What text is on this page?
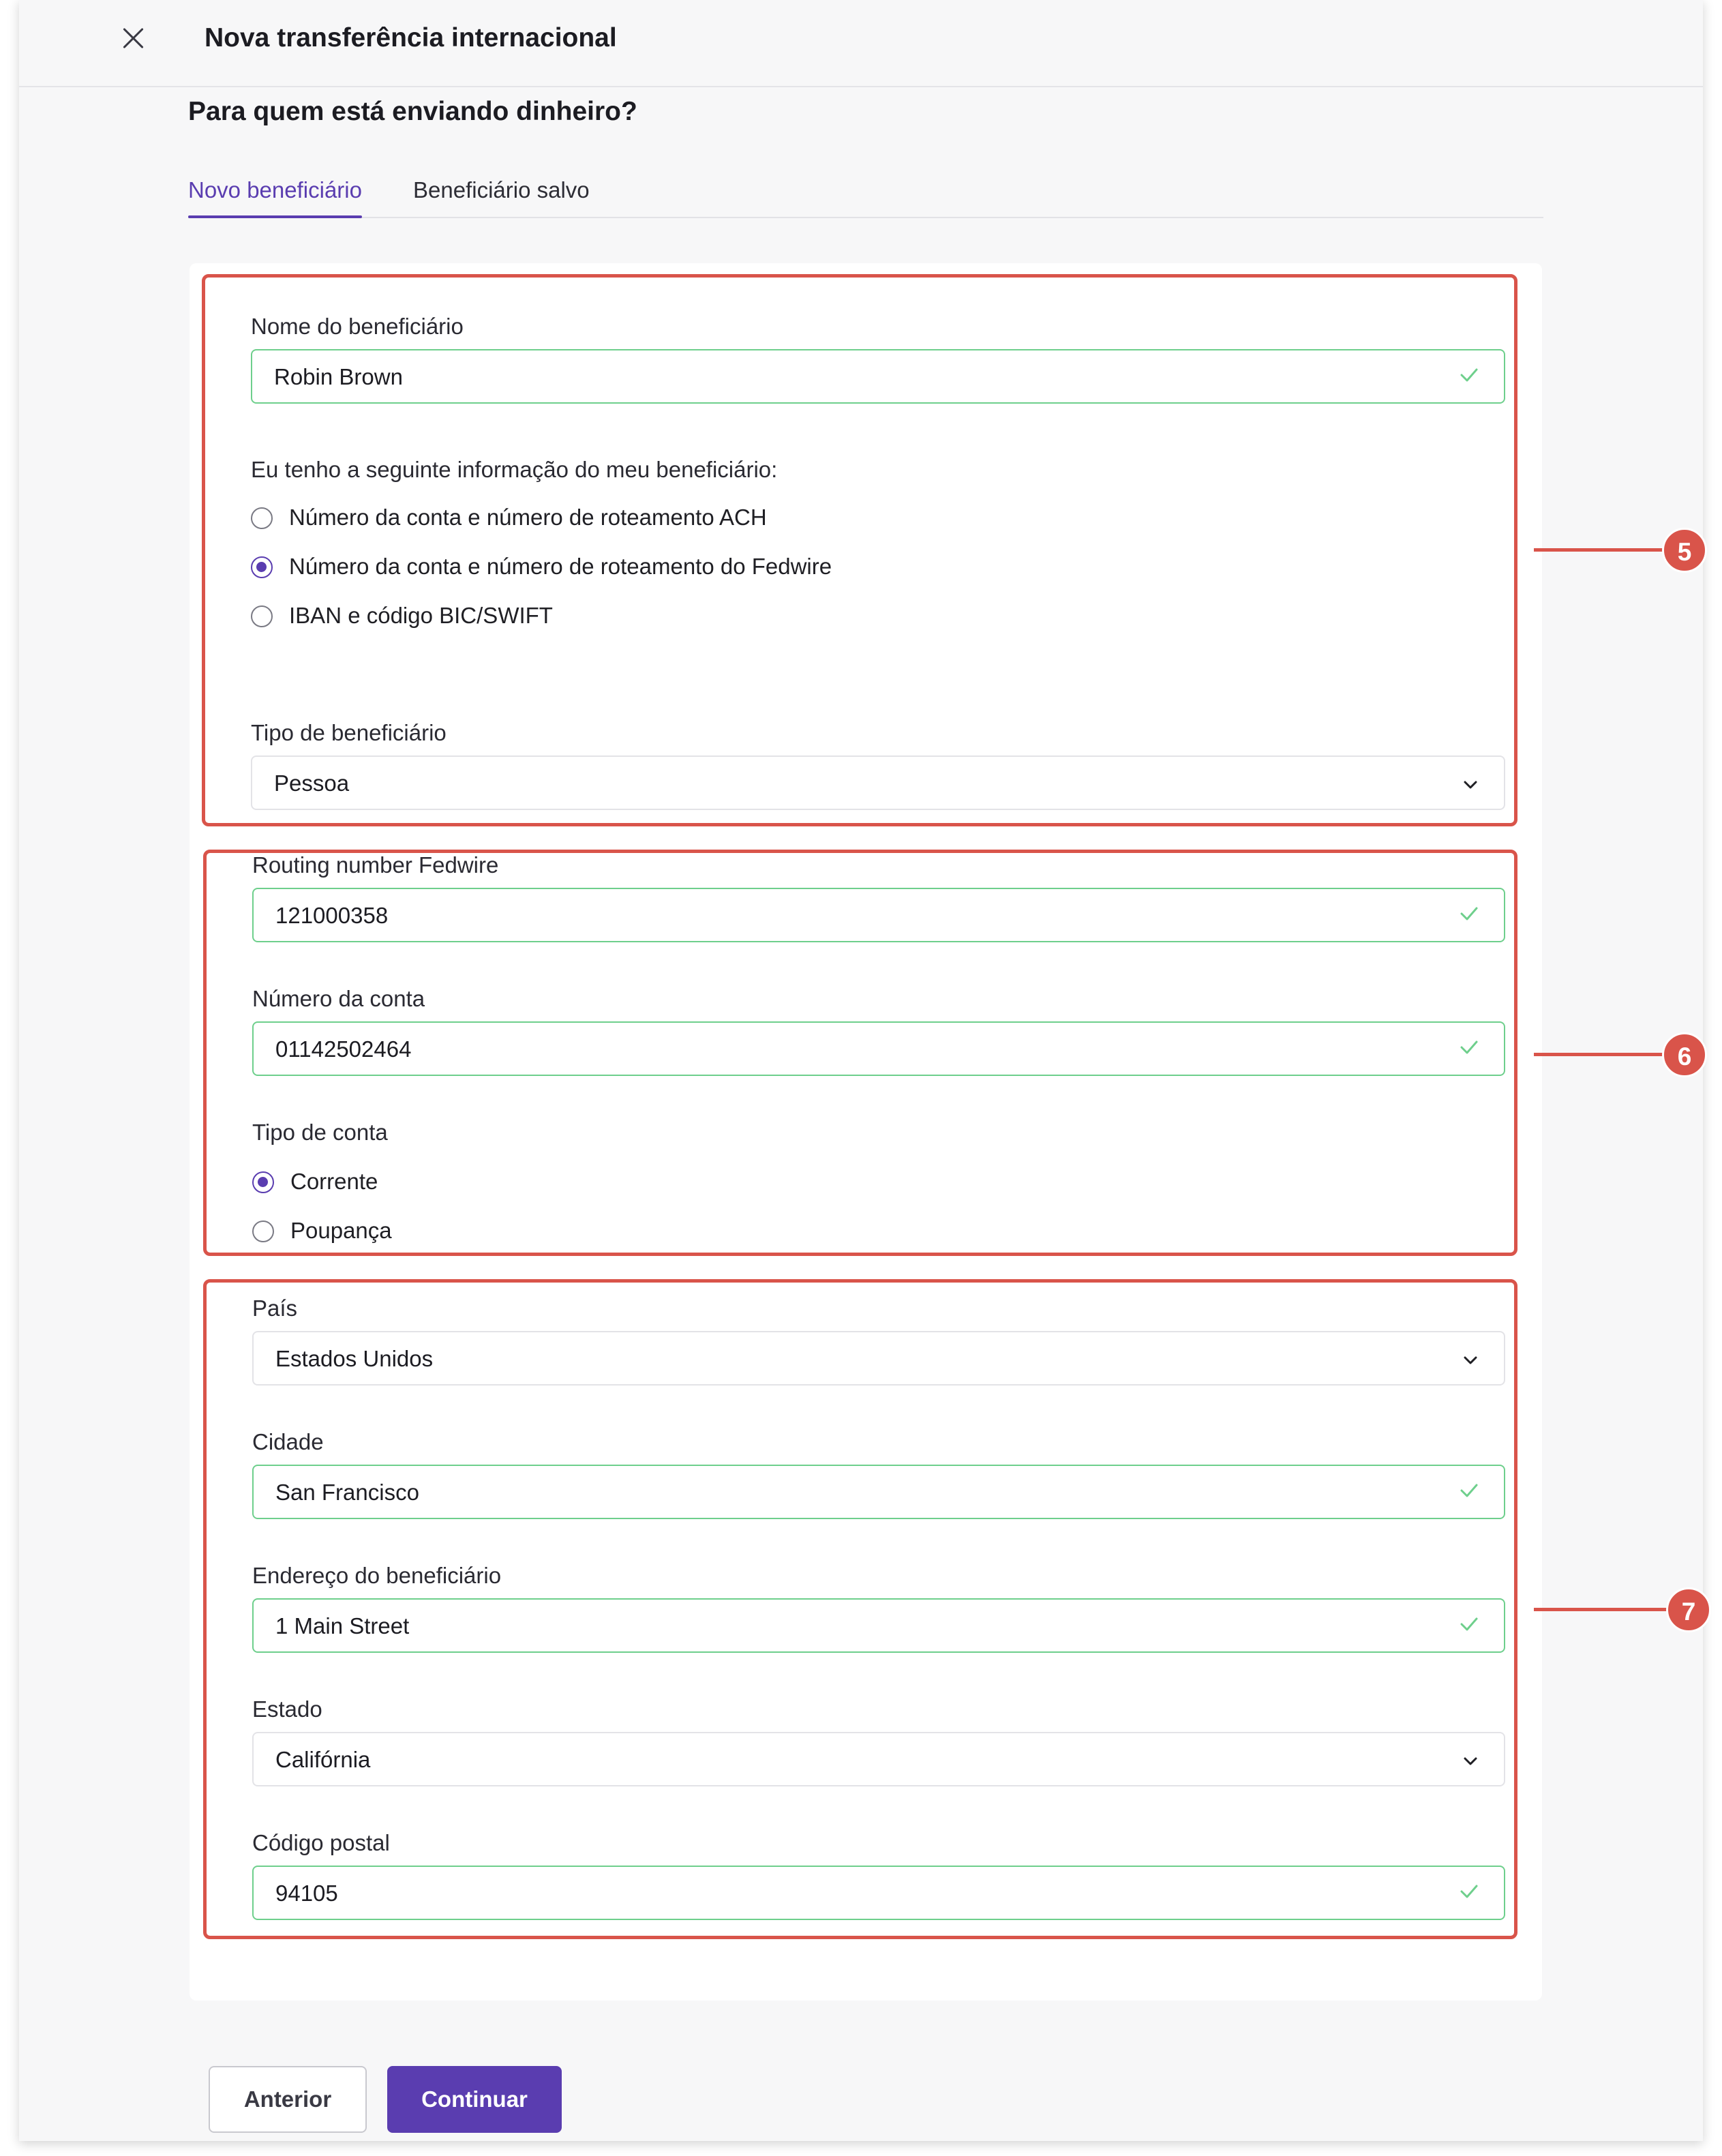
Nova transferência internacional
Para quem está enviando dinheiro?
Novo beneficiário Beneficiário salvo
Nome do beneficiário
Robin Brown
Eu tenho a seguinte informação do meu beneficiário:
Número da conta e número de roteamento ACH
Número da conta e número de roteamento do Fedwire
IBAN e código BIC/SWIFT
Tipo de beneficiário
Pessoa
Routing number Fedwire
121000358
Número da conta
01142502464
Tipo de conta
Corrente
Poupança
País
Estados Unidos
Cidade
San Francisco
Endereço do beneficiário
1 Main Street
Estado
Califórnia
Código postal
94105
5
6
7
Anterior	Continuar
